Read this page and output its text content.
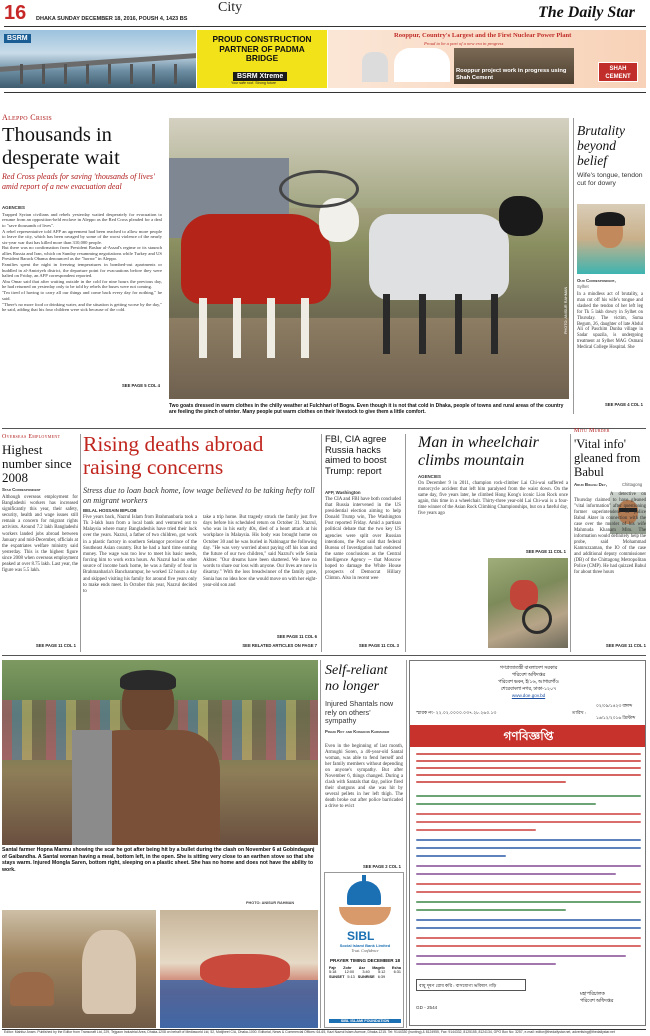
16	City
DHAKA SUNDAY DECEMBER 18, 2016, POUSH 4, 1423 BS	The Daily Star
BSRM	PROUD CONSTRUCTION PARTNER OF PADMA BRIDGE
BSRM Xtreme
Your safe roof. Strong future
Rooppur, Country's Largest and the First Nuclear Power Plant
Proud to be a part of a new era in progress
Rooppur project work in progress using Shah Cement
SHAH CEMENT
Aleppo Crisis
Thousands in desperate wait
Red Cross pleads for saving 'thousands of lives' amid report of a new evacuation deal
AGENCIES

Trapped Syrian civilians and rebels yesterday waited desperately for evacuation to resume from an opposition-held enclave in Aleppo as the Red Cross pleaded for a deal to "save thousands of lives".

A rebel representative told AFP an agreement had been reached to allow more people to leave the city, which has been ravaged by some of the worst violence of the nearly six-year war that has killed more than 310,000 people.

But there was no confirmation from President Bashar al-Assad's regime or its staunch allies Russia and Iran, which on Sunday resumming negotiations while Turkey and US President Barack Obama denounced as the "horror" in Aleppo.

Families spent the night in freezing temperatures in bombed-out apartments or huddled in al-Amiriyeh district, the departure point for evacuations before they were halted on Friday, an AFP correspondent reported.

Abu Omar said that after waiting outside in the cold for nine hours the previous day, he had returned on yesterday only to be told by rebels the buses were not coming.

"I'm tired of having to carry all our things and come back every day for nothing," he said.

"There's no more food or drinking water, and the situation is getting worse by the day," he said, adding that his four children were sick because of the cold.

SEE PAGE 5 COL 4
PHOTO: ANISUR RAHMAN
Two goats dressed in warm clothes in the chilly weather at Fulchhari of Bogra. Even though it is not that cold in Dhaka, people of towns and rural areas of the country are feeling the pinch of winter. Many people put warm clothes on their livestock to give them a little comfort.
Brutality beyond belief
Wife's tongue, tendon cut for dowry
Our Correspondent,
Sylhet
In a mindless act of brutality, a man cut off his wife's tongue and slashed the tendon of her left leg for Tk 5 lakh dowry in Sylhet on Thursday. The victim, Suma Begum, 26, daughter of late Abdul Ali of Paschim Dunba village in Sadar upazila, is undergoing treatment at Sylhet MAG Osmani Medical College Hospital. She
SEE PAGE 4 COL 1
Overseas Employment
Highest number since 2008
Star Correspondent
Although overseas employment for Bangladeshi workers has increased significantly this year, their safety, security, health and wage issues still remain a concern for migrant rights activists. Around 7.2 lakh Bangladeshi workers landed jobs abroad between January and mid-December, officials at the expatriates welfare ministry said yesterday. This is the highest figure since 2008 when overseas employment peaked at over 8.75 lakh. Last year, the figure was 5.5 lakh.
SEE PAGE 11 COL 1
Rising deaths abroad raising concerns
Stress due to loan back home, low wage believed to be taking hefty toll on migrant workers
BELAL HOSSAIN BIPLOB
Five years back, Nazrul Islam from Brahmanbaria took a Tk 3-lakh loan from a local bank and ventured out to Malaysia where many Bangladeshis have tried their luck over the years. Nazrul, a father of two children, got work in a plastic factory in southern Selangor province of the Southeast Asian country. But he had a hard time earning money. The wage was too low to meet his basic needs, forcing him to work extra hours. As Nazrul had no other source of income back home, he was a family of four in Brahmanbaria's Bancharampur, he worked 12 hours a day and skipped visiting his family for around five years only to make ends meet. In October this year, Nazrul decided to
take a trip home. But tragedy struck the family just five days before his scheduled return on October 31. Nazrul, who was in his early 40s, died of a heart attack at his workplace in Malaysia. His body was brought home on October 30 and he was buried in Nabinagar the following day. "He was very worried about paying off his loan and the future of our two children," said Nazrul's wife Sonia Akhter. "Our dreams have been shattered. We have no words to share our loss with anyone. Our lives are now in disarray." With the loss breadwinner of the family gone, Sonia has no idea how she would move on with her eight-year-old son and
SEE PAGE 11 COL 6
SEE RELATED ARTICLES ON PAGE 7
FBI, CIA agree Russia hacks aimed to boost Trump: report
AFP, Washington
The CIA and FBI have both concluded that Russia intervened in the US presidential election aiming to help Donald Trump win, The Washington Post reported Friday. Amid a partisan political debate that the two key US agencies were split over Russian intentions, the Post said that federal Bureau of Investigation had endorsed the same conclusions as the Central Intelligence Agency -- that Moscow hoped to damage the White House prospects of Democrat Hillary Clinton. Also in recent wee
SEE PAGE 11 COL 3
Man in wheelchair climbs mountain
AGENCIES
On December 9 in 2011, champion rock-climber Lai Chi-wai suffered a motorcycle accident that left him paralysed from the waist down. On the same day, five years later, he climbed Hong Kong's iconic Lion Rock once again, this time in a wheelchair. Thirty-three year-old Lai Chi-wai is a four-time winner of the Asian Rock Climbing Championships, but on a fateful day, five years ago
SEE PAGE 11 COL 1
Mitu Murder
'Vital info' gleaned from Babul
Arun Bikash Dey,	Chittagong
A detective on Thursday claimed to have gleaned "vital information" after questioning former superintendent of police Babul Akter in connection with the case over the murder of his wife Mahmuda Khanam Mitu. The information would definitely help the probe, said Mohammad Kamruzzaman, the IO of the case and additional deputy commissioner (DB) of the Chittagong Metropolitan Police (CMP). He had quizzed Babul for about three hours
SEE PAGE 11 COL 1
Santal farmer Hopna Marmu showing the scar he got after being hit by a bullet during the clash on November 6 at Gobindaganj of Gaibandha. A Santal woman having a meal, bottom left, in the open. She is sitting very close to an earthen stove so that she stays warm. Injured Mongla Saren, bottom right, sleeping on a plastic sheet. She has no home and does not have the ability to work.
PHOTO: ANISUR RAHMAN
Self-reliant no longer
Injured Shantals now rely on others' sympathy
Pinaki Roy and Kongkon Karmaker
Even in the beginning of last month, Armughi Soren, a 40-year-old Santal woman, was able to fend herself and her family members without depending on anyone's sympathy. But after November 6, things changed. During a clash with Santals that day, police fired their shotguns and she was hit by several pellets in her left thigh. The death broke out after police barricaded a drive to evict
SEE PAGE 2 COL 1
SIBL
Social Islami Bank Limited
Trust. Confidence
PRAYER TIMING DECEMBER 18
Fajr Zohr Asr Magrib Esha
5:18 12:00 3:40 5:12 6:31
SUNSET 5:13 SUNRISE 6:39
SIBL ISLAMI FOUNDATION
গণপ্রজাতন্ত্রী বাংলাদেশ সরকার
পরিবেশ অধিদপ্তর
পরিবেশ ভবন, ই/১৬, আগারগাঁও
শেরেবাংলা নগর, ঢাকা-১২০৭
www.doe.gov.bd
স্মারক নং- ২২.০২.০০০০.০৩৭.২৮.২৬০.১৩
০২/০৯/১৪২৩ বঙ্গাব্দ
তারিখ :
১৬/১২/২০১৬ খ্রিস্টাব্দ
গণবিজ্ঞপ্তি
বায়ু দূষণ রোধ করি : বাসযোগ্য ভবিষ্যৎ গড়ি
মহাপরিচালক
পরিবেশ অধিদপ্তর
GD - 2544
Editor: Mahfuz Anam. Published by the Editor from Transcraft Ltd, 229, Tejgaon Industrial Area, Dhaka-1208 on behalf of Mediaworld Ltd, 52, Motijheel C/A, Dhaka-1000. Editorial, News & Commercial Offices: 64-65, Kazi Nazrul Islam Avenue, Dhaka-1215. Tel: 9144330 (hunting) & 8124955, Fax: 9144332, 8125155, 8124134, GPO Box No: 3257, e-mail: editor@thedailystar.net, advertising@thedailystar.net
